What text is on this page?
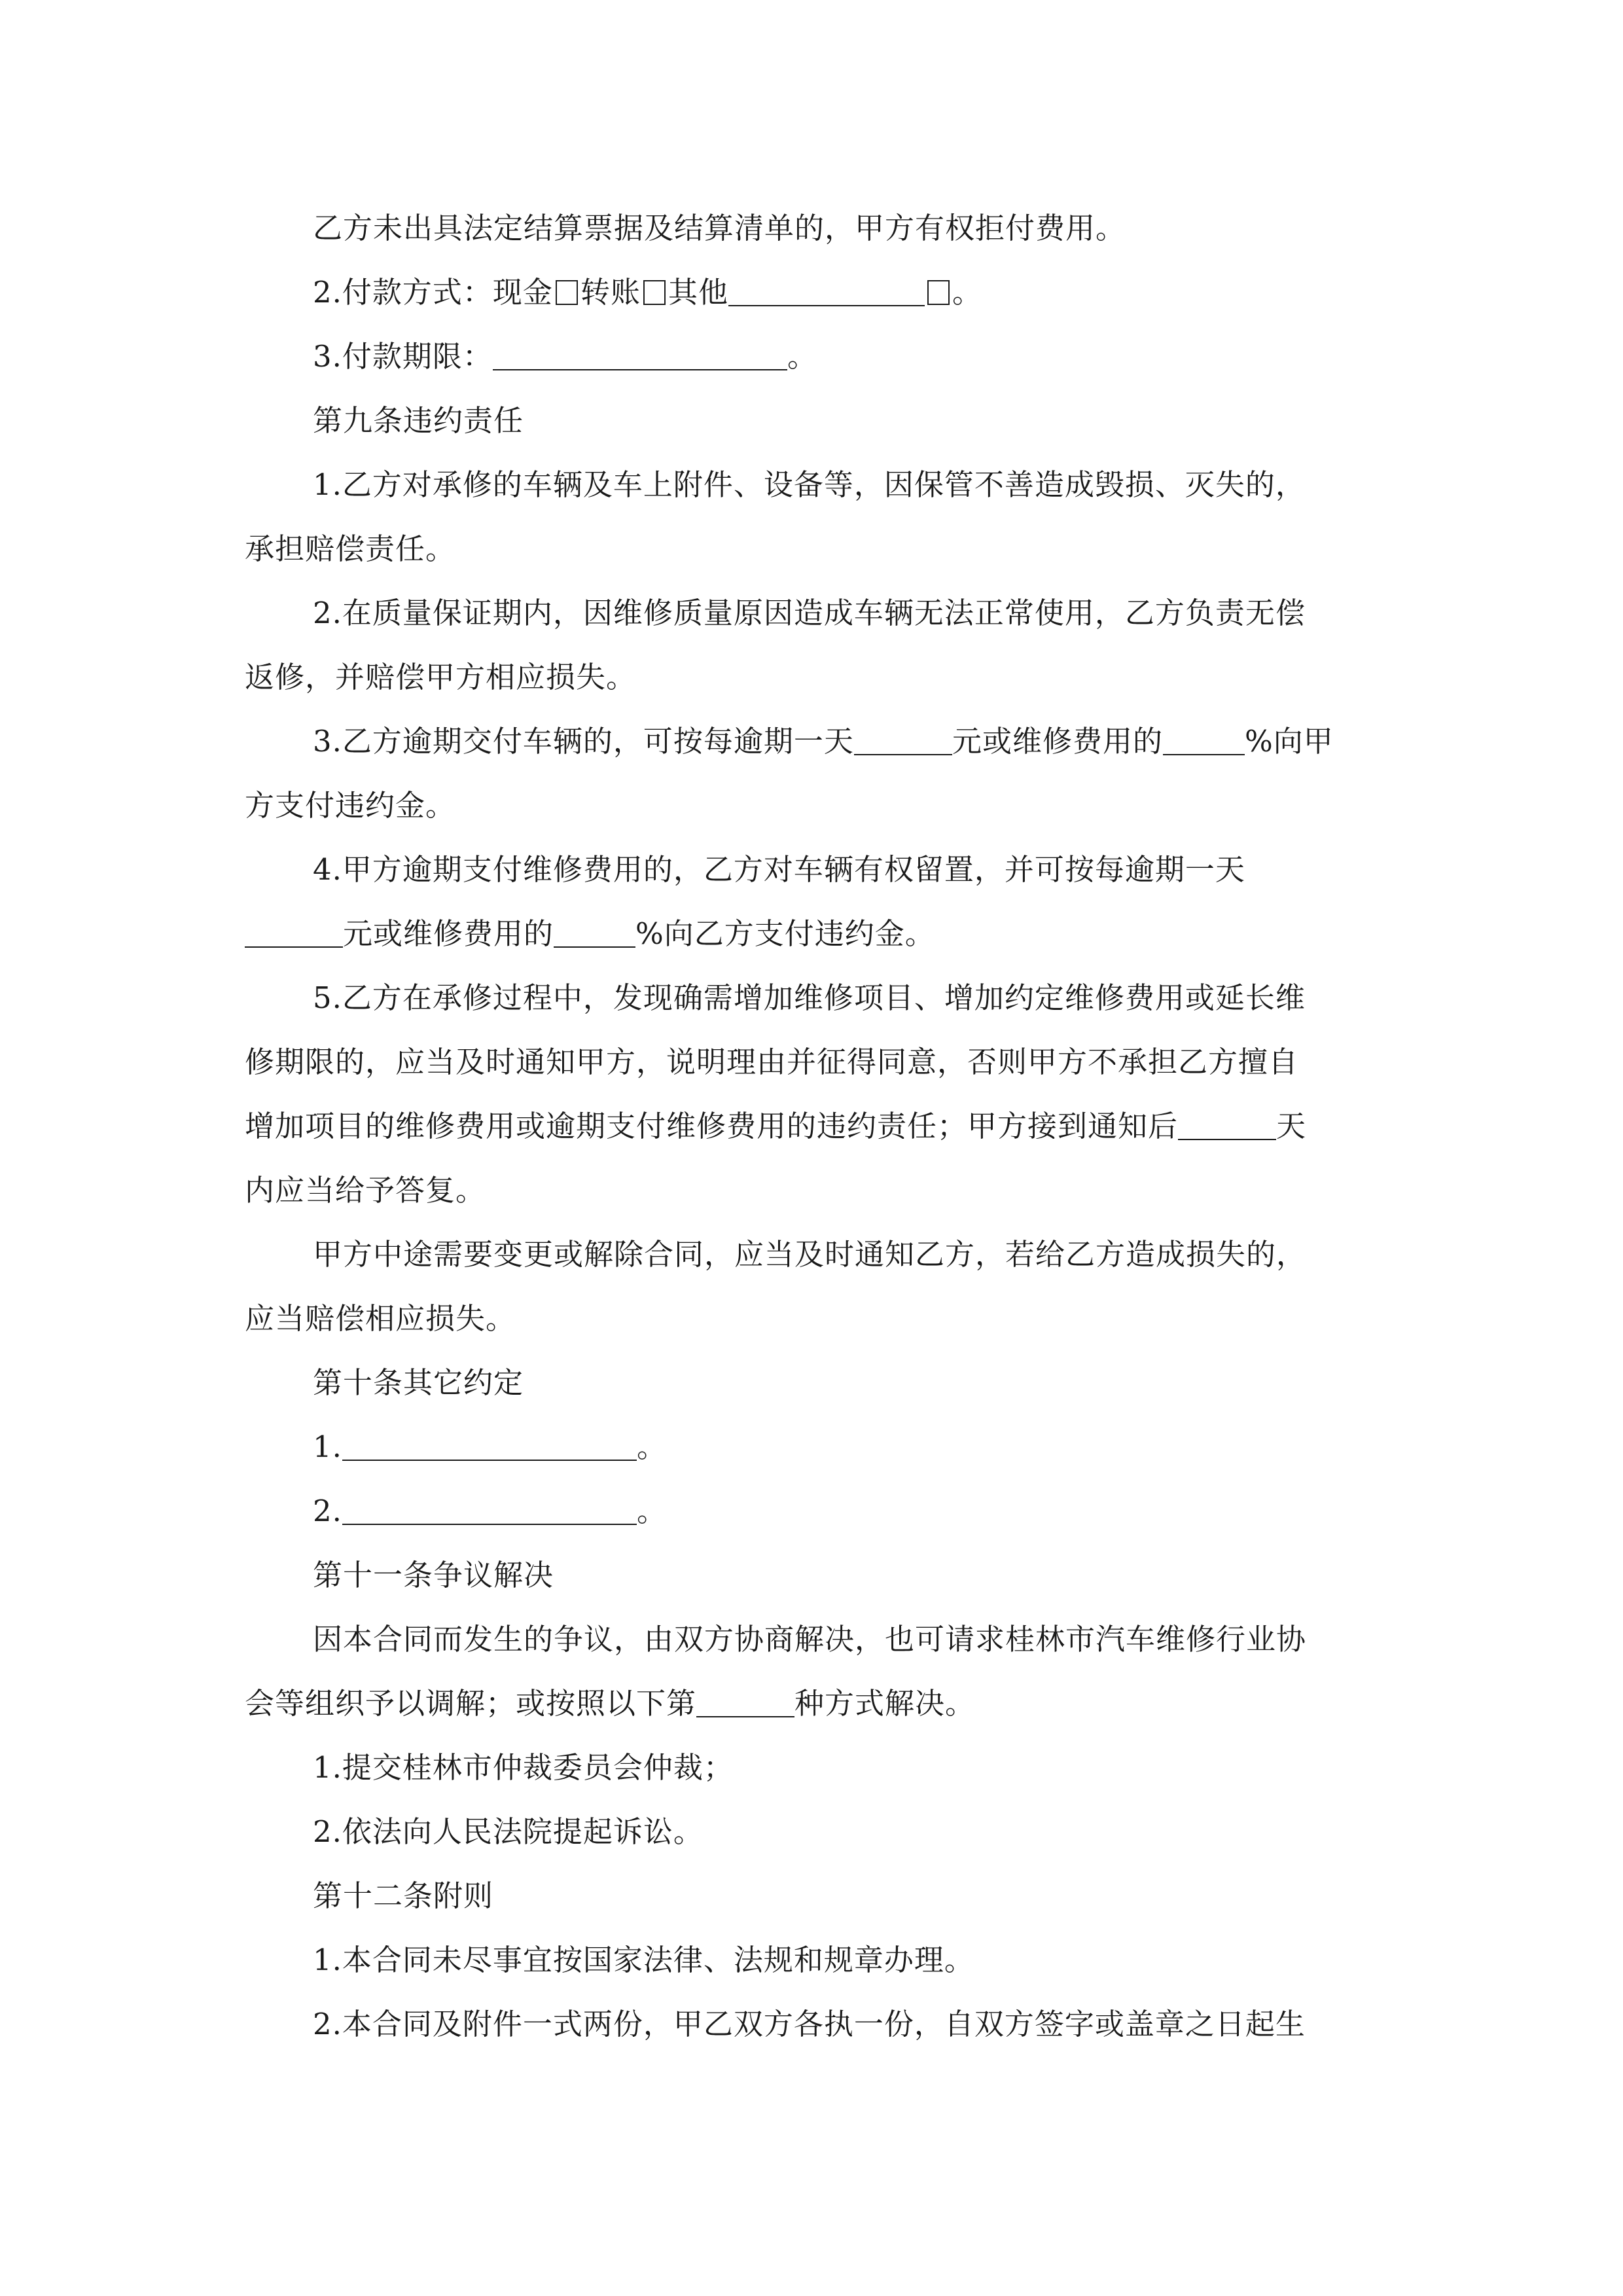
乙方未出具法定结算票据及结算清单的，甲方有权拒付费用。
2.付款方式：现金 转账 其他	。
3.付款期限：	。
第九条违约责任
1.乙方对承修的车辆及车上附件、设备等，因保管不善造成毁损、灭失的，
承担赔偿责任。
2.在质量保证期内，因维修质量原因造成车辆无法正常使用，乙方负责无偿
返修，并赔偿甲方相应损失。
3.乙方逾期交付车辆的，可按每逾期一天	元或维修费用的	%向甲
方支付违约金。
4.甲方逾期支付维修费用的，乙方对车辆有权留置，并可按每逾期一天
元或维修费用的	%向乙方支付违约金。
5.乙方在承修过程中，发现确需增加维修项目、增加约定维修费用或延长维
修期限的，应当及时通知甲方，说明理由并征得同意，否则甲方不承担乙方擅自
增加项目的维修费用或逾期支付维修费用的违约责任；甲方接到通知后	天
内应当给予答复。
甲方中途需要变更或解除合同，应当及时通知乙方，若给乙方造成损失的，
应当赔偿相应损失。
第十条其它约定
1.	。
2.	。
第十一条争议解决
因本合同而发生的争议，由双方协商解决，也可请求桂林市汽车维修行业协
会等组织予以调解；或按照以下第	种方式解决。
1.提交桂林市仲裁委员会仲裁；
2.依法向人民法院提起诉讼。
第十二条附则
1.本合同未尽事宜按国家法律、法规和规章办理。
2.本合同及附件一式两份，甲乙双方各执一份，自双方签字或盖章之日起生
